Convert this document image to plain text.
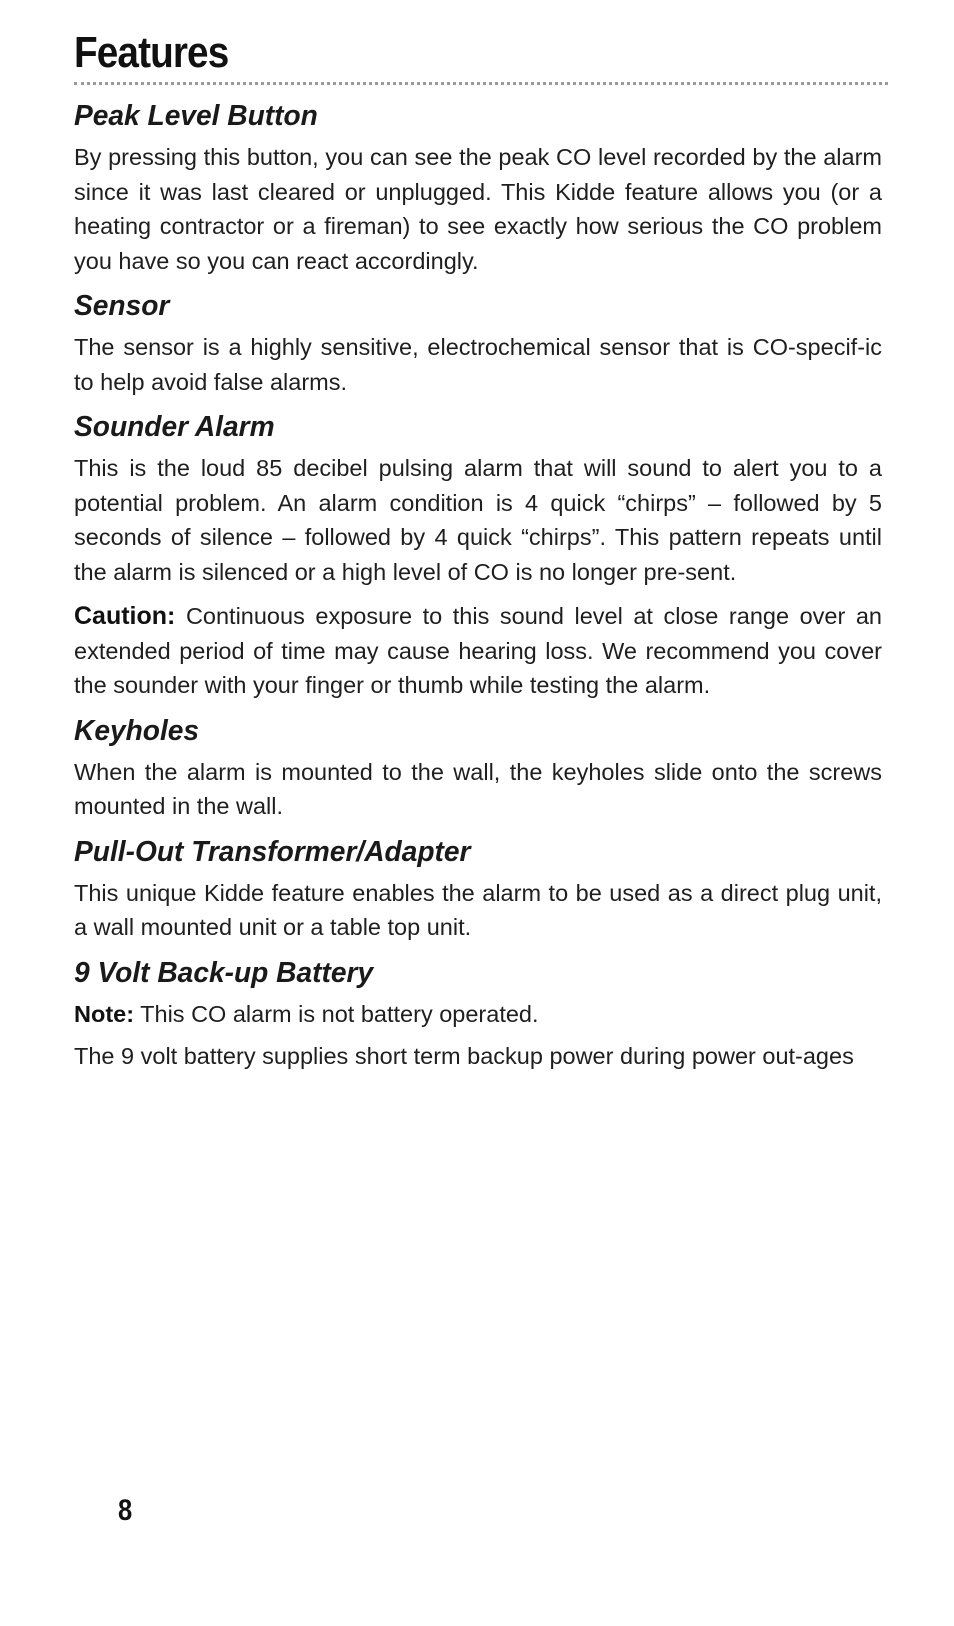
Features
Peak Level Button

By pressing this button, you can see the peak CO level recorded by the alarm since it was last cleared or unplugged. This Kidde feature allows you (or a heating contractor or a fireman) to see exactly how serious the CO problem you have so you can react accordingly.

Sensor

The sensor is a highly sensitive, electrochemical sensor that is CO-specif-ic to help avoid false alarms.

Sounder Alarm

This is the loud 85 decibel pulsing alarm that will sound to alert you to a potential problem. An alarm condition is 4 quick “chirps” – followed by 5 seconds of silence – followed by 4 quick “chirps”. This pattern repeats until the alarm is silenced or a high level of CO is no longer pre-sent.

Caution: Continuous exposure to this sound level at close range over an extended period of time may cause hearing loss. We recommend you cover the sounder with your finger or thumb while testing the alarm.

Keyholes

When the alarm is mounted to the wall, the keyholes slide onto the screws mounted in the wall.

Pull-Out Transformer/Adapter

This unique Kidde feature enables the alarm to be used as a direct plug unit, a wall mounted unit or a table top unit.

9 Volt Back-up Battery

Note: This CO alarm is not battery operated.

The 9 volt battery supplies short term backup power during power out-ages

8
